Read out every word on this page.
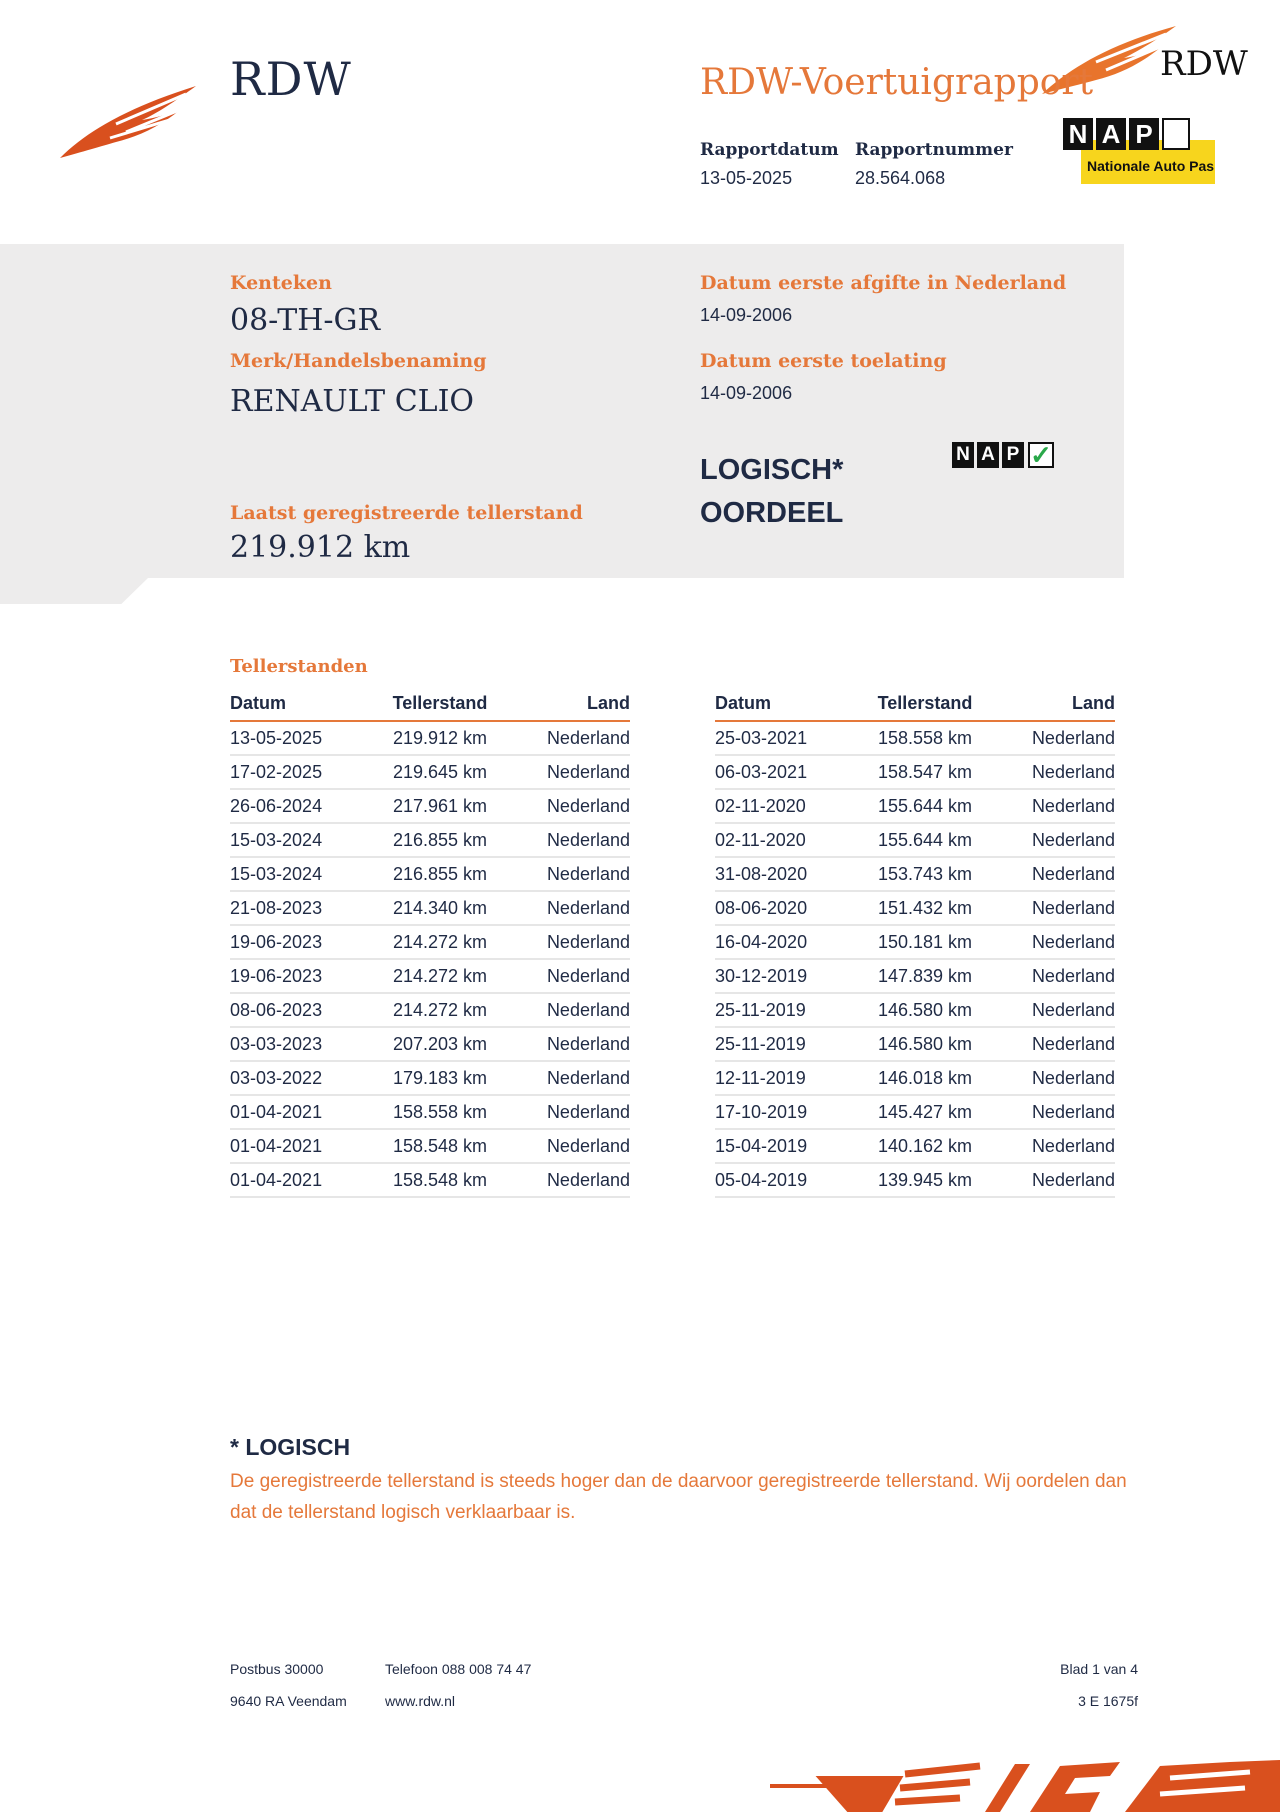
RDW	RDW-Voertuigrapport RDW
Rapportdatum
13-05-2025
Rapportnummer
28.564.068
N A P
Nationale Auto Pas
Kenteken
08-TH-GR
Merk/Handelsbenaming
RENAULT CLIO
Datum eerste afgifte in Nederland
14-09-2006
Datum eerste toelating
14-09-2006
LOGISCH*
OORDEEL
N A P ✓
Laatst geregistreerde tellerstand
219.912 km
Tellerstanden
Datum	Tellerstand	Land
13-05-2025	219.912 km	Nederland
17-02-2025	219.645 km	Nederland
26-06-2024	217.961 km	Nederland
15-03-2024	216.855 km	Nederland
15-03-2024	216.855 km	Nederland
21-08-2023	214.340 km	Nederland
19-06-2023	214.272 km	Nederland
19-06-2023	214.272 km	Nederland
08-06-2023	214.272 km	Nederland
03-03-2023	207.203 km	Nederland
03-03-2022	179.183 km	Nederland
01-04-2021	158.558 km	Nederland
01-04-2021	158.548 km	Nederland
01-04-2021	158.548 km	Nederland
Datum	Tellerstand	Land
25-03-2021	158.558 km	Nederland
06-03-2021	158.547 km	Nederland
02-11-2020	155.644 km	Nederland
02-11-2020	155.644 km	Nederland
31-08-2020	153.743 km	Nederland
08-06-2020	151.432 km	Nederland
16-04-2020	150.181 km	Nederland
30-12-2019	147.839 km	Nederland
25-11-2019	146.580 km	Nederland
25-11-2019	146.580 km	Nederland
12-11-2019	146.018 km	Nederland
17-10-2019	145.427 km	Nederland
15-04-2019	140.162 km	Nederland
05-04-2019	139.945 km	Nederland
* LOGISCH
De geregistreerde tellerstand is steeds hoger dan de daarvoor geregistreerde tellerstand. Wij oordelen dan dat de tellerstand logisch verklaarbaar is.
Postbus 30000
9640 RA Veendam
Telefoon 088 008 74 47
www.rdw.nl
Blad 1 van 4
3 E 1675f
